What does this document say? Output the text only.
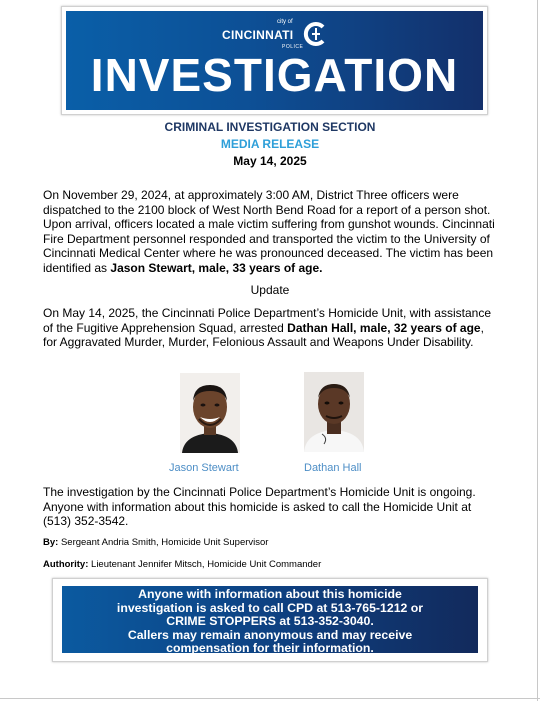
city of
CINCINNATI
POLICE
INVESTIGATION
CRIMINAL INVESTIGATION SECTION
MEDIA RELEASE
May 14, 2025
On November 29, 2024, at approximately 3:00 AM, District Three officers were dispatched to the 2100 block of West North Bend Road for a report of a person shot. Upon arrival, officers located a male victim suffering from gunshot wounds. Cincinnati Fire Department personnel responded and transported the victim to the University of Cincinnati Medical Center where he was pronounced deceased. The victim has been identified as Jason Stewart, male, 33 years of age.
Update
On May 14, 2025, the Cincinnati Police Department’s Homicide Unit, with assistance of the Fugitive Apprehension Squad, arrested Dathan Hall, male, 32 years of age, for Aggravated Murder, Murder, Felonious Assault and Weapons Under Disability.
Jason Stewart	Dathan Hall
The investigation by the Cincinnati Police Department’s Homicide Unit is ongoing. Anyone with information about this homicide is asked to call the Homicide Unit at (513) 352-3542.
By: Sergeant Andria Smith, Homicide Unit Supervisor
Authority: Lieutenant Jennifer Mitsch, Homicide Unit Commander
Anyone with information about this homicide
investigation is asked to call CPD at 513-765-1212 or
CRIME STOPPERS at 513-352-3040.
Callers may remain anonymous and may receive
compensation for their information.
